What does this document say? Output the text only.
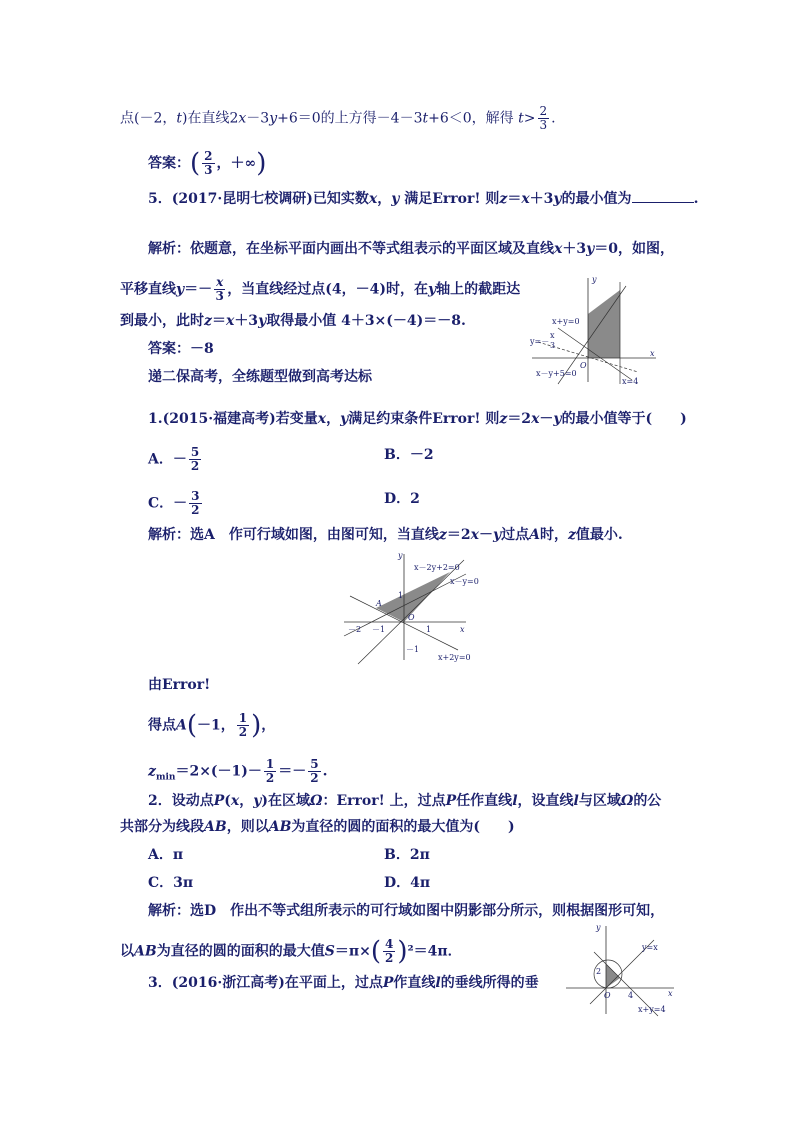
点(－2，t)在直线2x－3y+6＝0的上方得－4－3t+6＜0，解得 $t> \frac{2}{3}$ .
答案：( $\frac{2}{3}$ ，＋∞)
5．(2017·昆明七校调研)已知实数x，y 满足Error! 则z＝x＋3y的最小值为	.
解析：依题意，在坐标平面内画出不等式组表示的平面区域及直线x＋3y＝0，如图，
平移直线$y=- \frac{x}{3}$ ，当直线经过点(4，－4)时，在y轴上的截距达
到最小，此时z＝x＋3y取得最小值 4＋3×(－4)＝－8.
答案：－8
递二保高考，全练题型做到高考达标
y
x
O
x+y=0
y=－
x
3
x－y+5=0
x=4
1.(2015·福建高考)若变量x，y满足约束条件Error! 则z＝2x－y的最小值等于(　　)
A．－ $\frac{5}{2}$	B．－2
C．－ $\frac{3}{2}$	D．2
解析：选A　作可行域如图，由图可知，当直线z＝2x－y过点A时，z值最小.
y
x
O
A
x－2y+2=0
x－y=0
x+2y=0
－2 －1	1
1
－1
由Error!
得点A(－1， $\frac{1}{2}$ )，
$z_{min}=2\times(-1)- \frac{1}{2} =- \frac{5}{2}$ .
2．设动点P(x，y)在区域Ω：Error! 上，过点P任作直线l，设直线l与区域Ω的公
共部分为线段AB，则以AB为直径的圆的面积的最大值为(　　)
A．π	B．2π
C．3π	D．4π
解析：选D　作出不等式组所表示的可行域如图中阴影部分所示，则根据图形可知，
以AB为直径的圆的面积的最大值$S=\pi\times( \frac{4}{2} )^2=4\pi$．
3．(2016·浙江高考)在平面上，过点P作直线l的垂线所得的垂
y
x
O
y=x
x+y=4
2
4
